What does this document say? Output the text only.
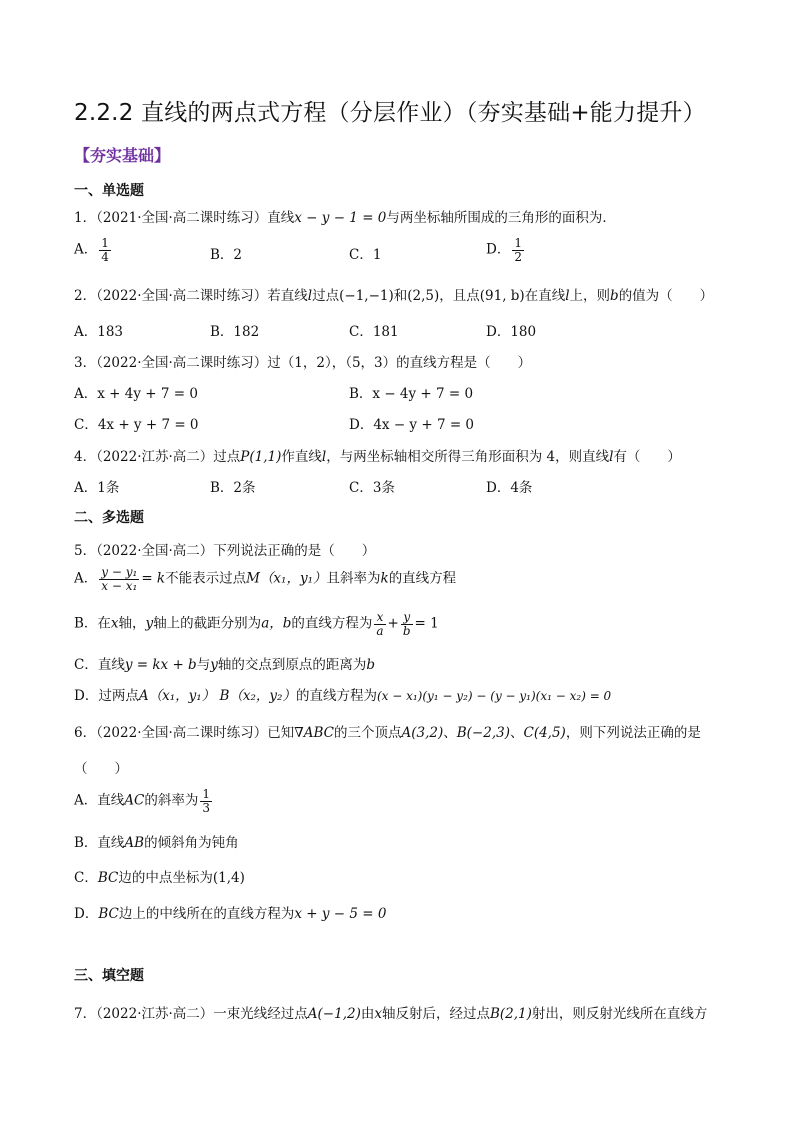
2.2.2 直线的两点式方程（分层作业）（夯实基础+能力提升）
【夯实基础】
一、单选题
1．（2021·全国·高二课时练习）直线x − y − 1 = 0与两坐标轴所围成的三角形的面积为．
A． $\frac{1}{4}$	B．2	C．1	D． $\frac{1}{2}$
2．（2022·全国·高二课时练习）若直线l过点(−1,−1)和(2,5)，且点(91, b)在直线l上，则b的值为（　　）
A．183	B．182	C．181	D．180
3．（2022·全国·高二课时练习）过（1，2），（5，3）的直线方程是（　　）
A．x + 4y + 7 = 0	B．x − 4y + 7 = 0
C．4x + y + 7 = 0	D．4x − y + 7 = 0
4．（2022·江苏·高二）过点P(1,1)作直线l，与两坐标轴相交所得三角形面积为 4，则直线l有（　　）
A．1条	B．2条	C．3条	D．4条
二、多选题
5．（2022·全国·高二）下列说法正确的是（　　）
A． $\frac{\text{y − y₁}}{\text{x − x₁}} = k$不能表示过点M（x₁，y₁）且斜率为k的直线方程
B．在x轴，y轴上的截距分别为a，b的直线方程为 $\frac{x}{a} + \frac{y}{b} = 1$
C．直线y = kx + b与y轴的交点到原点的距离为b
D．过两点A（x₁，y₁） B（x₂，y₂）的直线方程为(x − x₁)(y₁ − y₂) − (y − y₁)(x₁ − x₂) = 0
6．（2022·全国·高二课时练习）已知∇ABC的三个顶点A(3,2)、B(−2,3)、C(4,5)，则下列说法正确的是
（　　）
A．直线AC的斜率为 $\frac{1}{3}$
B．直线AB的倾斜角为钝角
C．BC边的中点坐标为(1,4)
D．BC边上的中线所在的直线方程为x + y − 5 = 0
三、填空题
7．（2022·江苏·高二）一束光线经过点A(−1,2)由x轴反射后，经过点B(2,1)射出，则反射光线所在直线方
